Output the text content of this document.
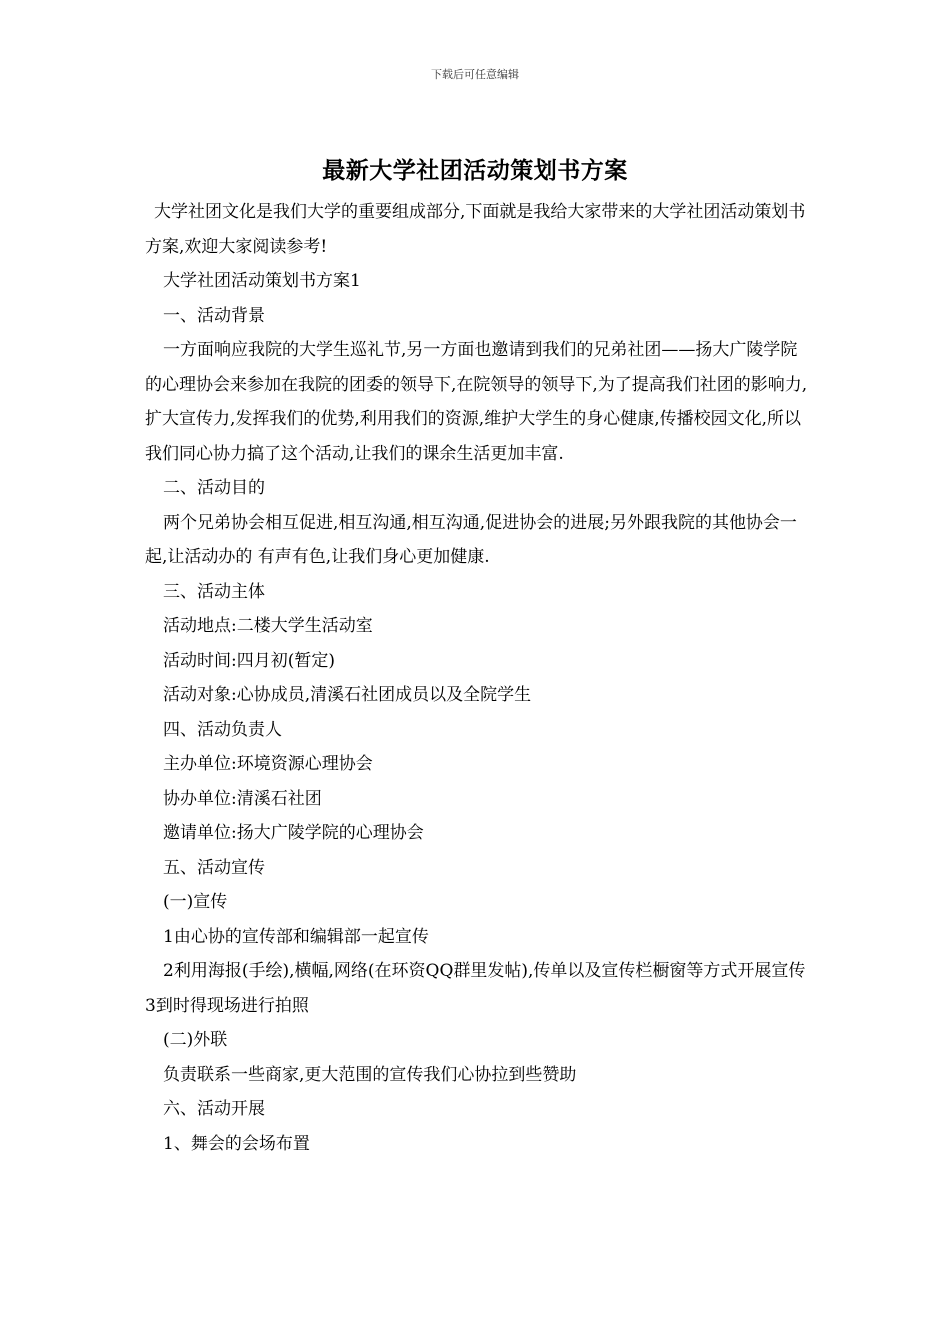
下载后可任意编辑
最新大学社团活动策划书方案

大学社团文化是我们大学的重要组成部分,下面就是我给大家带来的大学社团活动策划书方案,欢迎大家阅读参考!

大学社团活动策划书方案1

一、活动背景

一方面响应我院的大学生巡礼节,另一方面也邀请到我们的兄弟社团——扬大广陵学院的心理协会来参加在我院的团委的领导下,在院领导的领导下,为了提高我们社团的影响力,扩大宣传力,发挥我们的优势,利用我们的资源,维护大学生的身心健康,传播校园文化,所以我们同心协力搞了这个活动,让我们的课余生活更加丰富.

二、活动目的

两个兄弟协会相互促进,相互沟通,相互沟通,促进协会的进展;另外跟我院的其他协会一起,让活动办的 有声有色,让我们身心更加健康.

三、活动主体

活动地点:二楼大学生活动室

活动时间:四月初(暂定)

活动对象:心协成员,清溪石社团成员以及全院学生

四、活动负责人

主办单位:环境资源心理协会

协办单位:清溪石社团

邀请单位:扬大广陵学院的心理协会

五、活动宣传

(一)宣传

1由心协的宣传部和编辑部一起宣传

2利用海报(手绘),横幅,网络(在环资QQ群里发帖),传单以及宣传栏橱窗等方式开展宣传3到时得现场进行拍照

(二)外联

负责联系一些商家,更大范围的宣传我们心协拉到些赞助

六、活动开展

1、舞会的会场布置
